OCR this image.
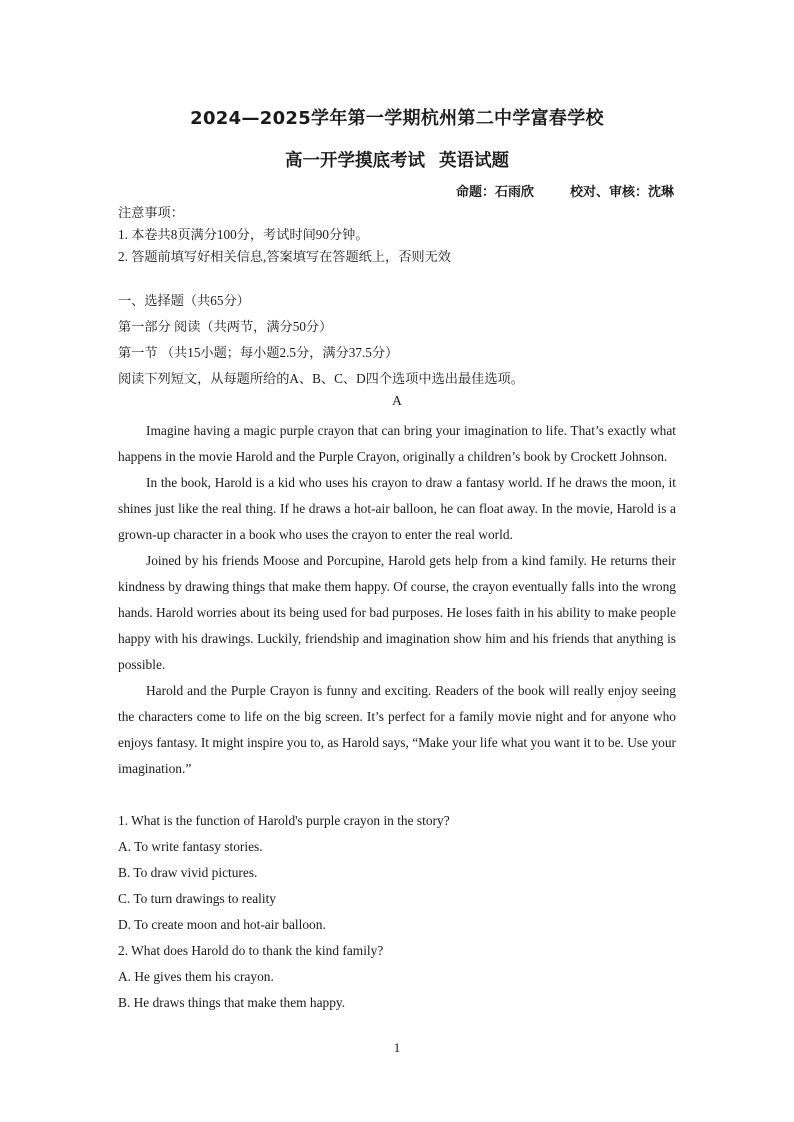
2024—2025学年第一学期杭州第二中学富春学校
高一开学摸底考试 英语试题
命题：石雨欣	校对、审核：沈琳
注意事项：
1. 本卷共8页满分100分，考试时间90分钟。
2. 答题前填写好相关信息,答案填写在答题纸上，否则无效
一、选择题（共65分）
第一部分 阅读（共两节，满分50分）
第一节 （共15小题；每小题2.5分，满分37.5分）
阅读下列短文，从每题所给的A、B、C、D四个选项中选出最佳选项。
A

Imagine having a magic purple crayon that can bring your imagination to life. That’s exactly what happens in the movie Harold and the Purple Crayon, originally a children’s book by Crockett Johnson.

In the book, Harold is a kid who uses his crayon to draw a fantasy world. If he draws the moon, it shines just like the real thing. If he draws a hot-air balloon, he can float away. In the movie, Harold is a grown-up character in a book who uses the crayon to enter the real world.

Joined by his friends Moose and Porcupine, Harold gets help from a kind family. He returns their kindness by drawing things that make them happy. Of course, the crayon eventually falls into the wrong hands. Harold worries about its being used for bad purposes. He loses faith in his ability to make people happy with his drawings. Luckily, friendship and imagination show him and his friends that anything is possible.

Harold and the Purple Crayon is funny and exciting. Readers of the book will really enjoy seeing the characters come to life on the big screen. It’s perfect for a family movie night and for anyone who enjoys fantasy. It might inspire you to, as Harold says, “Make your life what you want it to be. Use your imagination.”

1. What is the function of Harold's purple crayon in the story?
A. To write fantasy stories.
B. To draw vivid pictures.
C. To turn drawings to reality
D. To create moon and hot-air balloon.
2. What does Harold do to thank the kind family?
A. He gives them his crayon.
B. He draws things that make them happy.
1
